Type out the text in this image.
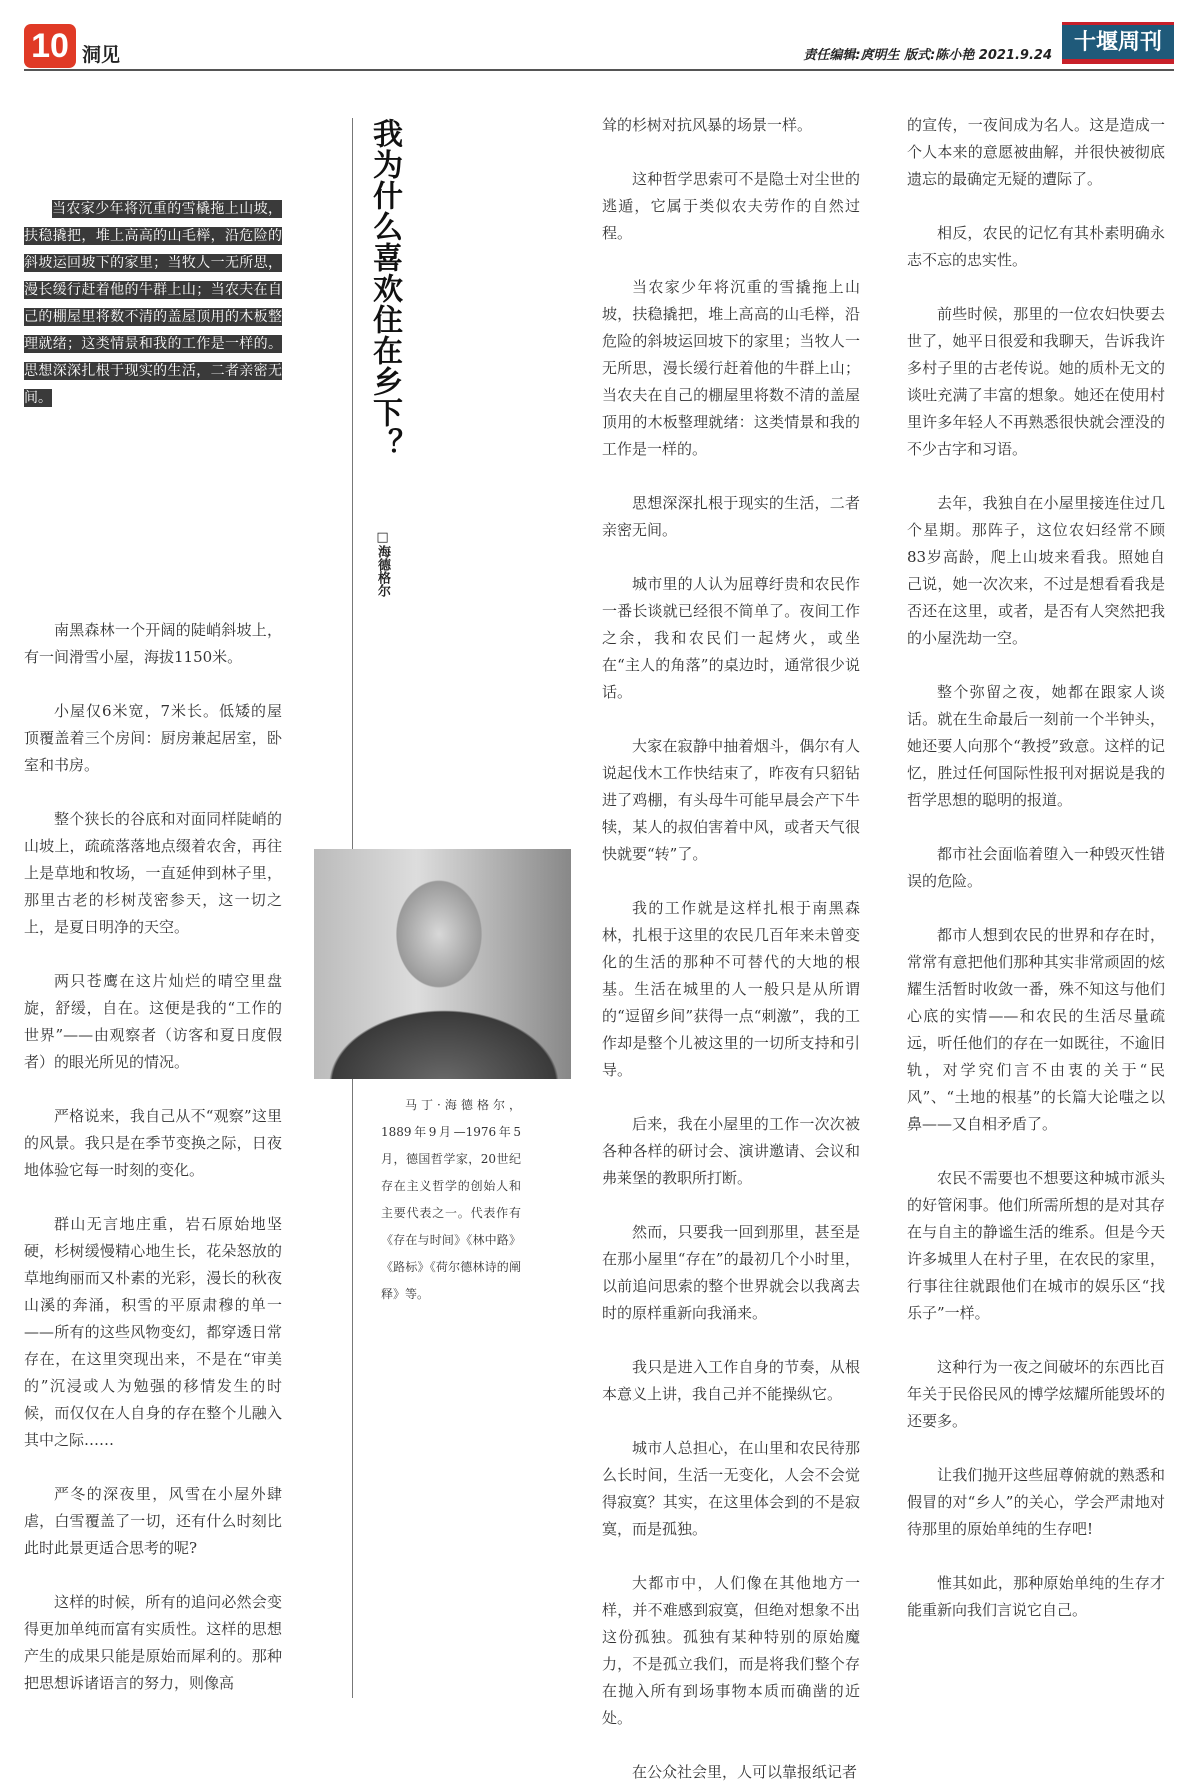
10 洞见	责任编辑:庹明生 版式:陈小艳 2021.9.24
十堰周刊
当农家少年将沉重的雪橇拖上山坡，扶稳撬把，堆上高高的山毛榉，沿危险的斜坡运回坡下的家里；当牧人一无所思，漫长缓行赶着他的牛群上山；当农夫在自己的棚屋里将数不清的盖屋顶用的木板整理就绪；这类情景和我的工作是一样的。思想深深扎根于现实的生活，二者亲密无间。	我为什么喜欢住在乡下？
□海德格尔
马丁·海德格尔，1889年9月—1976年5月，德国哲学家，20世纪存在主义哲学的创始人和主要代表之一。代表作有《存在与时间》《林中路》《路标》《荷尔德林诗的阐释》等。

南黑森林一个开阔的陡峭斜坡上，有一间滑雪小屋，海拔1150米。

小屋仅6米宽，7米长。低矮的屋顶覆盖着三个房间：厨房兼起居室，卧室和书房。

整个狭长的谷底和对面同样陡峭的山坡上，疏疏落落地点缀着农舍，再往上是草地和牧场，一直延伸到林子里，那里古老的杉树茂密参天，这一切之上，是夏日明净的天空。

两只苍鹰在这片灿烂的晴空里盘旋，舒缓，自在。这便是我的“工作的世界”——由观察者（访客和夏日度假者）的眼光所见的情况。

严格说来，我自己从不“观察”这里的风景。我只是在季节变换之际，日夜地体验它每一时刻的变化。

群山无言地庄重，岩石原始地坚硬，杉树缓慢精心地生长，花朵怒放的草地绚丽而又朴素的光彩，漫长的秋夜山溪的奔涌，积雪的平原肃穆的单一——所有的这些风物变幻，都穿透日常存在，在这里突现出来，不是在“审美的”沉浸或人为勉强的移情发生的时候，而仅仅在人自身的存在整个儿融入其中之际……

严冬的深夜里，风雪在小屋外肆虐，白雪覆盖了一切，还有什么时刻比此时此景更适合思考的呢?

这样的时候，所有的追问必然会变得更加单纯而富有实质性。这样的思想产生的成果只能是原始而犀利的。那种把思想诉诸语言的努力，则像高

耸的杉树对抗风暴的场景一样。

这种哲学思索可不是隐士对尘世的逃遁，它属于类似农夫劳作的自然过程。

当农家少年将沉重的雪撬拖上山坡，扶稳撬把，堆上高高的山毛榉，沿危险的斜坡运回坡下的家里；当牧人一无所思，漫长缓行赶着他的牛群上山；当农夫在自己的棚屋里将数不清的盖屋顶用的木板整理就绪：这类情景和我的工作是一样的。

思想深深扎根于现实的生活，二者亲密无间。

城市里的人认为屈尊纡贵和农民作一番长谈就已经很不简单了。夜间工作之余，我和农民们一起烤火，或坐在“主人的角落”的桌边时，通常很少说话。

大家在寂静中抽着烟斗，偶尔有人说起伐木工作快结束了，昨夜有只貂钻进了鸡棚，有头母牛可能早晨会产下牛犊，某人的叔伯害着中风，或者天气很快就要“转”了。

我的工作就是这样扎根于南黑森林，扎根于这里的农民几百年来未曾变化的生活的那种不可替代的大地的根基。生活在城里的人一般只是从所谓的“逗留乡间”获得一点“刺激”，我的工作却是整个儿被这里的一切所支持和引导。

后来，我在小屋里的工作一次次被各种各样的研讨会、演讲邀请、会议和弗莱堡的教职所打断。

然而，只要我一回到那里，甚至是在那小屋里“存在”的最初几个小时里，以前追问思索的整个世界就会以我离去时的原样重新向我涌来。

我只是进入工作自身的节奏，从根本意义上讲，我自己并不能操纵它。

城市人总担心，在山里和农民待那么长时间，生活一无变化，人会不会觉得寂寞？其实，在这里体会到的不是寂寞，而是孤独。

大都市中，人们像在其他地方一样，并不难感到寂寞，但绝对想象不出这份孤独。孤独有某种特别的原始魔力，不是孤立我们，而是将我们整个存在抛入所有到场事物本质而确凿的近处。

在公众社会里，人可以靠报纸记者

的宣传，一夜间成为名人。这是造成一个人本来的意愿被曲解，并很快被彻底遗忘的最确定无疑的遭际了。

相反，农民的记忆有其朴素明确永志不忘的忠实性。

前些时候，那里的一位农妇快要去世了，她平日很爱和我聊天，告诉我许多村子里的古老传说。她的质朴无文的谈吐充满了丰富的想象。她还在使用村里许多年轻人不再熟悉很快就会湮没的不少古字和习语。

去年，我独自在小屋里接连住过几个星期。那阵子，这位农妇经常不顾83岁高龄，爬上山坡来看我。照她自己说，她一次次来，不过是想看看我是否还在这里，或者，是否有人突然把我的小屋洗劫一空。

整个弥留之夜，她都在跟家人谈话。就在生命最后一刻前一个半钟头，她还要人向那个“教授”致意。这样的记忆，胜过任何国际性报刊对据说是我的哲学思想的聪明的报道。

都市社会面临着堕入一种毁灭性错误的危险。

都市人想到农民的世界和存在时，常常有意把他们那种其实非常顽固的炫耀生活暂时收敛一番，殊不知这与他们心底的实情——和农民的生活尽量疏远，听任他们的存在一如既往，不逾旧轨，对学究们言不由衷的关于“民风”、“土地的根基”的长篇大论嗤之以鼻——又自相矛盾了。

农民不需要也不想要这种城市派头的好管闲事。他们所需所想的是对其存在与自主的静谧生活的维系。但是今天许多城里人在村子里，在农民的家里，行事往往就跟他们在城市的娱乐区“找乐子”一样。

这种行为一夜之间破坏的东西比百年关于民俗民风的博学炫耀所能毁坏的还要多。

让我们抛开这些屈尊俯就的熟悉和假冒的对“乡人”的关心，学会严肃地对待那里的原始单纯的生存吧!

惟其如此，那种原始单纯的生存才能重新向我们言说它自己。
